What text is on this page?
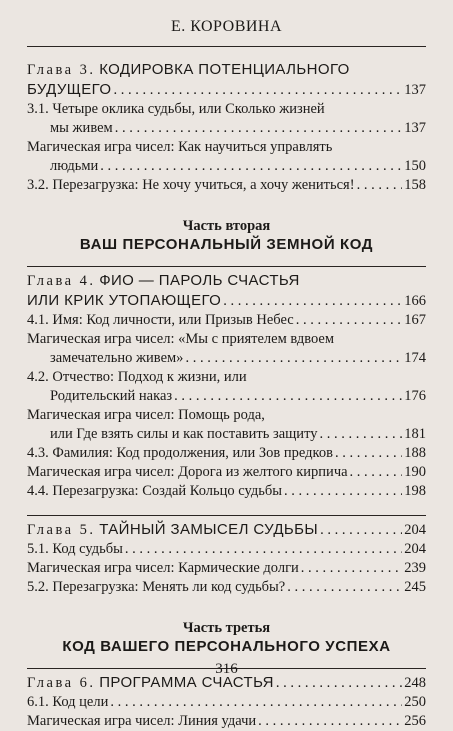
Е. КОРОВИНА
Глава 3. КОДИРОВКА ПОТЕНЦИАЛЬНОГО
БУДУЩЕГО . . .	137
3.1. Четыре оклика судьбы, или Сколько жизней
мы живем . . .	137
Магическая игра чисел: Как научиться управлять
людьми . . .	150
3.2. Перезагрузка: Не хочу учиться, а хочу жениться! . . .	158
Часть вторая
ВАШ ПЕРСОНАЛЬНЫЙ ЗЕМНОЙ КОД
Глава 4. ФИО — ПАРОЛЬ СЧАСТЬЯ
ИЛИ КРИК УТОПАЮЩЕГО . . .	166
4.1. Имя: Код личности, или Призыв Небес . . .	167
Магическая игра чисел: «Мы с приятелем вдвоем
замечательно живем» . . .	174
4.2. Отчество: Подход к жизни, или
Родительский наказ . . .	176
Магическая игра чисел: Помощь рода,
или Где взять силы и как поставить защиту . . .	181
4.3. Фамилия: Код продолжения, или Зов предков . . .	188
Магическая игра чисел: Дорога из желтого кирпича . . .	190
4.4. Перезагрузка: Создай Кольцо судьбы . . .	198
Глава 5. ТАЙНЫЙ ЗАМЫСЕЛ СУДЬБЫ . . .	204
5.1. Код судьбы . . .	204
Магическая игра чисел: Кармические долги . . .	239
5.2. Перезагрузка: Менять ли код судьбы? . . .	245
Часть третья
КОД ВАШЕГО ПЕРСОНАЛЬНОГО УСПЕХА
Глава 6. ПРОГРАММА СЧАСТЬЯ . . .	248
6.1. Код цели . . .	250
Магическая игра чисел: Линия удачи . . .	256
316
